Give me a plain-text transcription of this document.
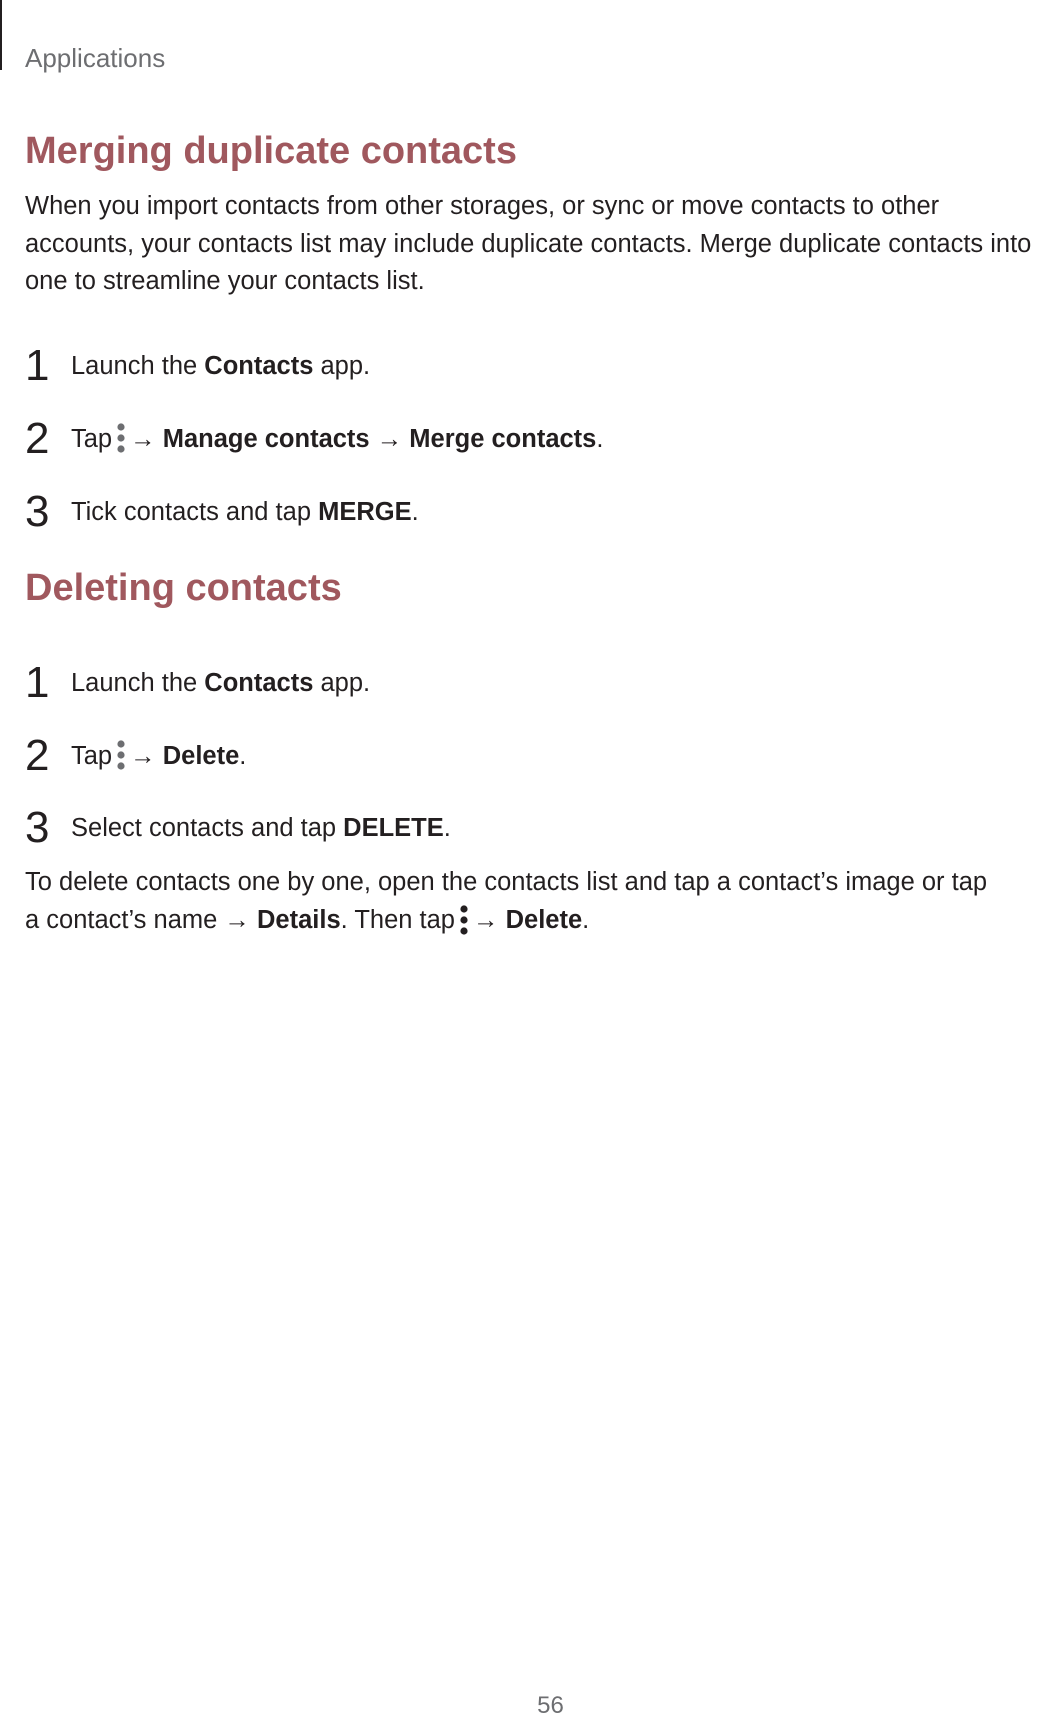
Applications
Merging duplicate contacts
When you import contacts from other storages, or sync or move contacts to other accounts, your contacts list may include duplicate contacts. Merge duplicate contacts into one to streamline your contacts list.
1 Launch the Contacts app.
2 Tap → Manage contacts → Merge contacts.
3 Tick contacts and tap MERGE.
Deleting contacts
1 Launch the Contacts app.
2 Tap → Delete.
3 Select contacts and tap DELETE.
To delete contacts one by one, open the contacts list and tap a contact’s image or tap a contact’s name → Details. Then tap → Delete.
56
